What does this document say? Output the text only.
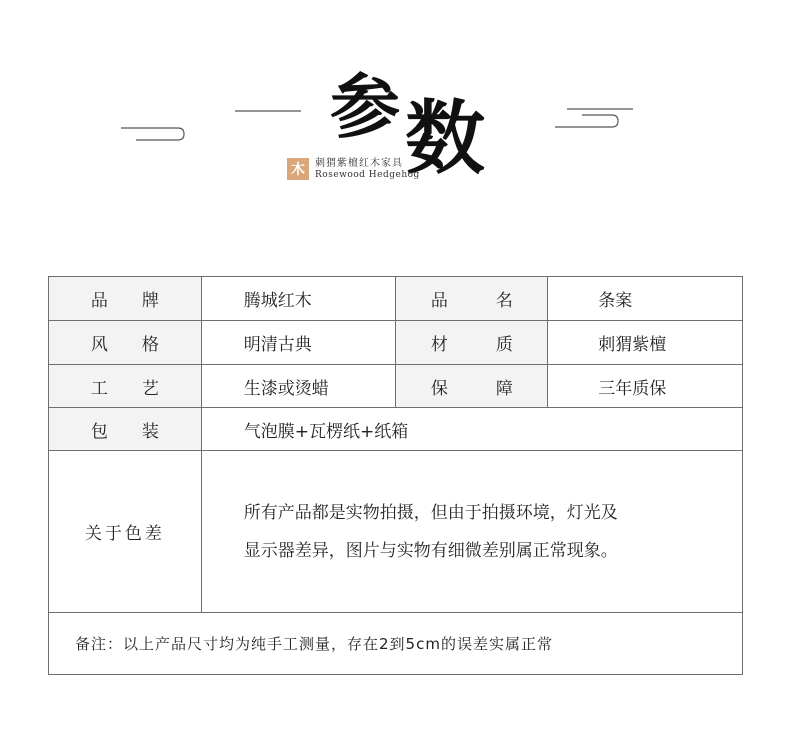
参 数
木	刺猬紫檀红木家具
Rosewood Hedgehog
品 牌	腾城红木	品 名	条案
风 格	明清古典	材 质	刺猬紫檀
工 艺	生漆或烫蜡	保 障	三年质保
包 装	气泡膜+瓦楞纸+纸箱		
关于色差	所有产品都是实物拍摄，但由于拍摄环境，灯光及
显示器差异，图片与实物有细微差别属正常现象。		

备注：以上产品尺寸均为纯手工测量，存在2到5cm的误差实属正常			
